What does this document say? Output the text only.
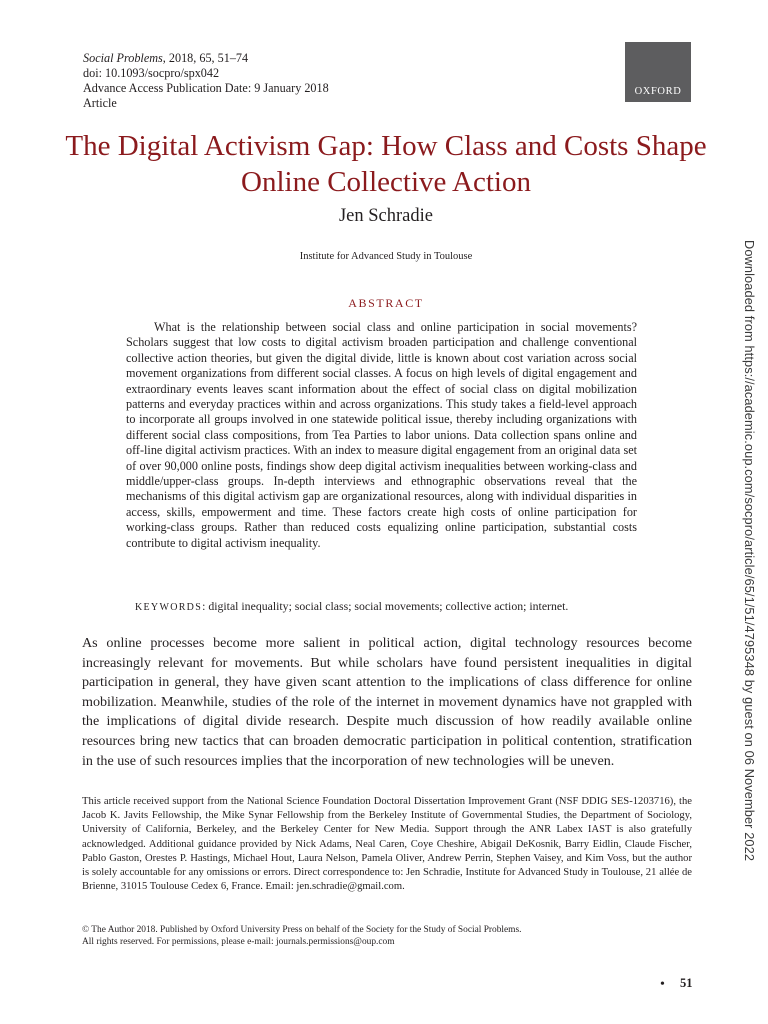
Social Problems, 2018, 65, 51–74
doi: 10.1093/socpro/spx042
Advance Access Publication Date: 9 January 2018
Article
OXFORD
The Digital Activism Gap: How Class and Costs Shape Online Collective Action
Jen Schradie
Institute for Advanced Study in Toulouse
ABSTRACT

What is the relationship between social class and online participation in social movements? Scholars suggest that low costs to digital activism broaden participation and challenge conventional collective action theories, but given the digital divide, little is known about cost variation across social movement organizations from different social classes. A focus on high levels of digital engagement and extraordinary events leaves scant information about the effect of social class on digital mobilization patterns and everyday practices within and across organizations. This study takes a field-level approach to incorporate all groups involved in one statewide political issue, thereby including organizations with different social class compositions, from Tea Parties to labor unions. Data collection spans online and off-line digital activism practices. With an index to measure digital engagement from an original data set of over 90,000 online posts, findings show deep digital activism inequalities between working-class and middle/upper-class groups. In-depth interviews and ethnographic observations reveal that the mechanisms of this digital activism gap are organizational resources, along with individual disparities in access, skills, empowerment and time. These factors create high costs of online participation for working-class groups. Rather than reduced costs equalizing online participation, substantial costs contribute to digital activism inequality.

KEYWORDS: digital inequality; social class; social movements; collective action; internet.

As online processes become more salient in political action, digital technology resources become increasingly relevant for movements. But while scholars have found persistent inequalities in digital participation in general, they have given scant attention to the implications of class difference for online mobilization. Meanwhile, studies of the role of the internet in movement dynamics have not grappled with the implications of digital divide research. Despite much discussion of how readily available online resources bring new tactics that can broaden democratic participation in political contention, stratification in the use of such resources implies that the incorporation of new technologies will be uneven.

This article received support from the National Science Foundation Doctoral Dissertation Improvement Grant (NSF DDIG SES-1203716), the Jacob K. Javits Fellowship, the Mike Synar Fellowship from the Berkeley Institute of Governmental Studies, the Department of Sociology, University of California, Berkeley, and the Berkeley Center for New Media. Support through the ANR Labex IAST is also gratefully acknowledged. Additional guidance provided by Nick Adams, Neal Caren, Coye Cheshire, Abigail DeKosnik, Barry Eidlin, Claude Fischer, Pablo Gaston, Orestes P. Hastings, Michael Hout, Laura Nelson, Pamela Oliver, Andrew Perrin, Stephen Vaisey, and Kim Voss, but the author is solely accountable for any omissions or errors. Direct correspondence to: Jen Schradie, Institute for Advanced Study in Toulouse, 21 allée de Brienne, 31015 Toulouse Cedex 6, France. Email: jen.schradie@gmail.com.

© The Author 2018. Published by Oxford University Press on behalf of the Society for the Study of Social Problems.
All rights reserved. For permissions, please e-mail: journals.permissions@oup.com
• 51
Downloaded from https://academic.oup.com/socpro/article/65/1/51/4795348 by guest on 06 November 2022
